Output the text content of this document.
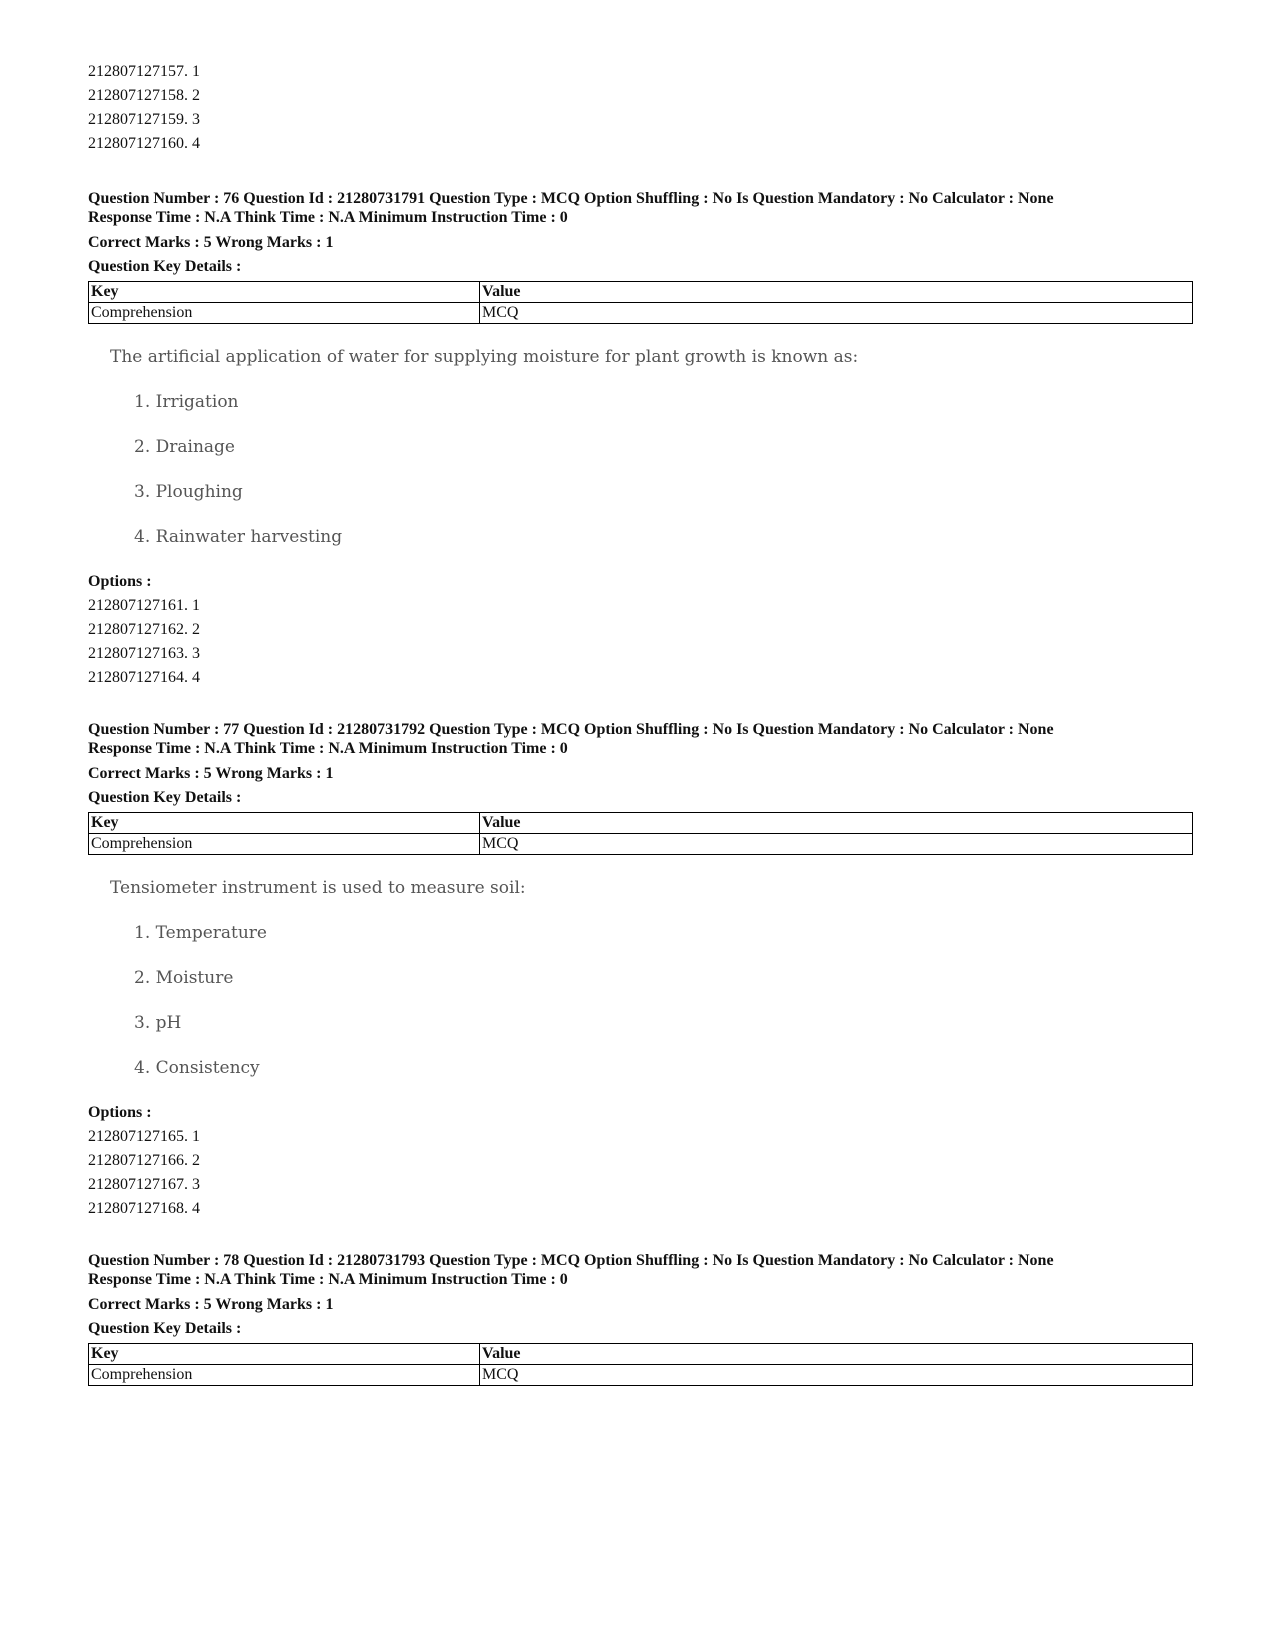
212807127157. 1
212807127158. 2
212807127159. 3
212807127160. 4
Question Number : 76 Question Id : 21280731791 Question Type : MCQ Option Shuffling : No Is Question Mandatory : No Calculator : None
Response Time : N.A Think Time : N.A Minimum Instruction Time : 0
Correct Marks : 5 Wrong Marks : 1
Question Key Details :
Key	Value
Comprehension	MCQ
The artificial application of water for supplying moisture for plant growth is known as:
1. Irrigation
2. Drainage
3. Ploughing
4. Rainwater harvesting
Options :
212807127161. 1
212807127162. 2
212807127163. 3
212807127164. 4
Question Number : 77 Question Id : 21280731792 Question Type : MCQ Option Shuffling : No Is Question Mandatory : No Calculator : None
Response Time : N.A Think Time : N.A Minimum Instruction Time : 0
Correct Marks : 5 Wrong Marks : 1
Question Key Details :
Key	Value
Comprehension	MCQ
Tensiometer instrument is used to measure soil:
1. Temperature
2. Moisture
3. pH
4. Consistency
Options :
212807127165. 1
212807127166. 2
212807127167. 3
212807127168. 4
Question Number : 78 Question Id : 21280731793 Question Type : MCQ Option Shuffling : No Is Question Mandatory : No Calculator : None
Response Time : N.A Think Time : N.A Minimum Instruction Time : 0
Correct Marks : 5 Wrong Marks : 1
Question Key Details :
Key	Value
Comprehension	MCQ
